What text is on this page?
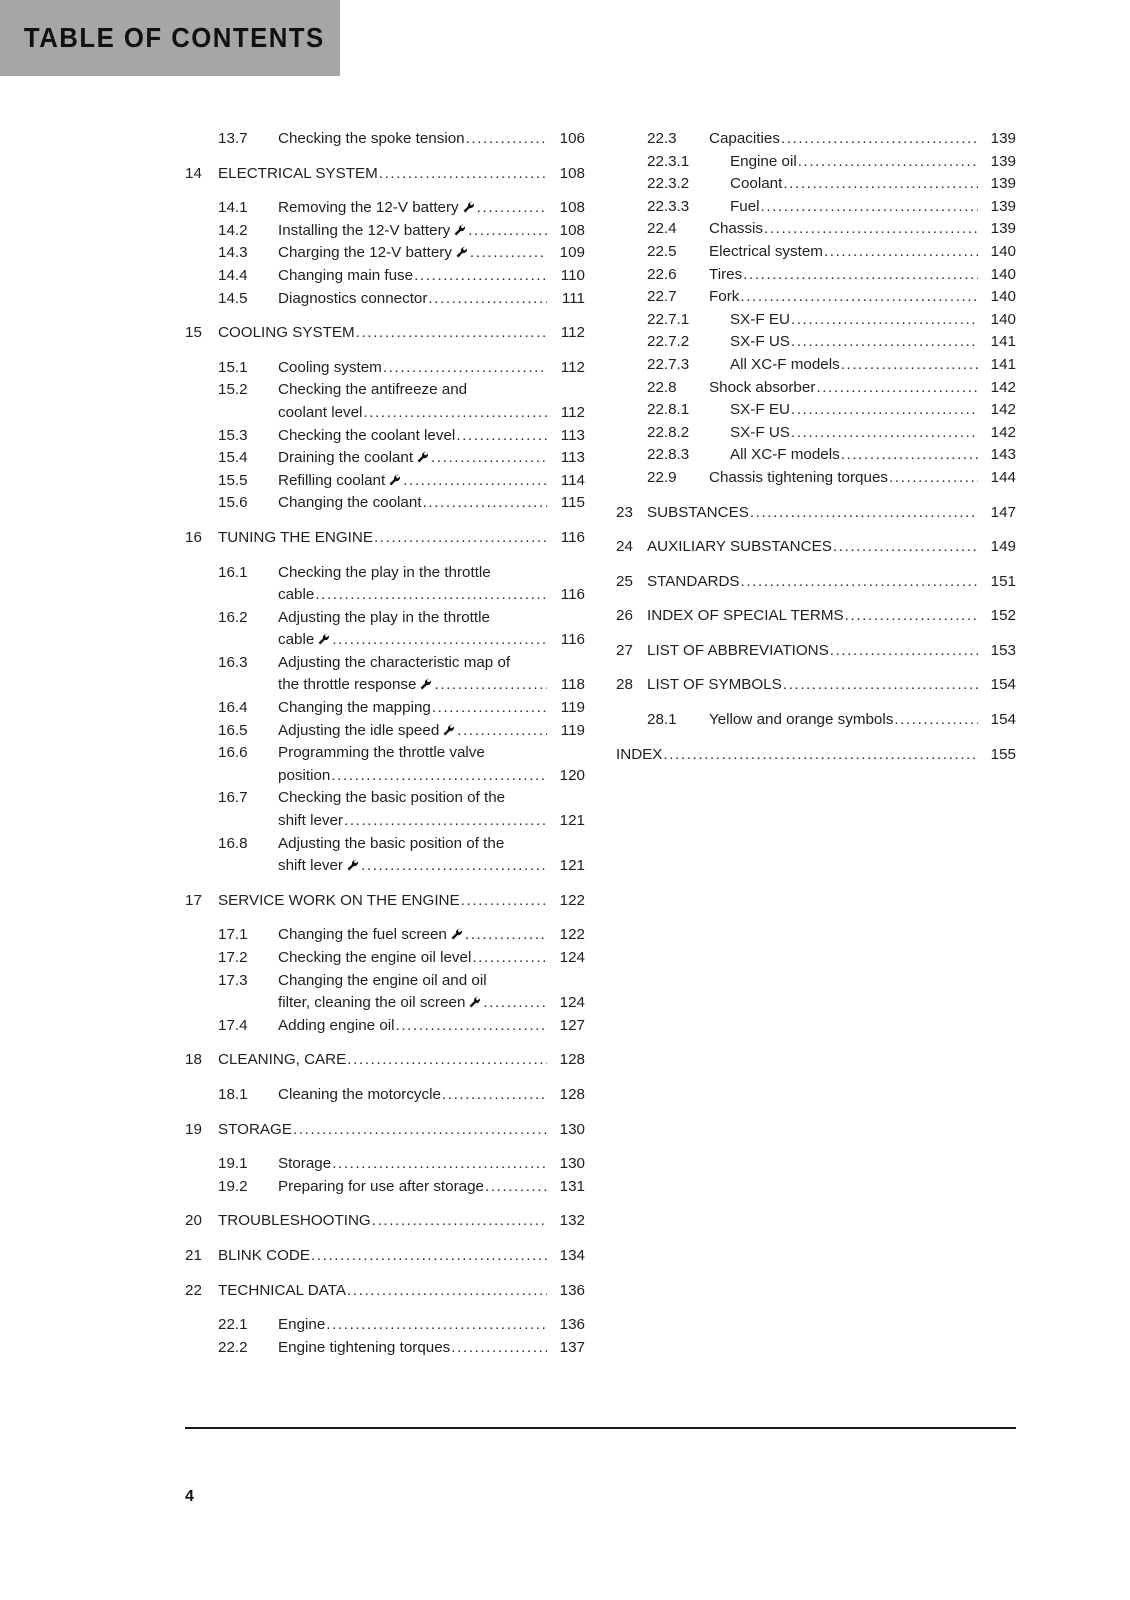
TABLE OF CONTENTS
13.7	Checking the spoke tension .....	106
14	ELECTRICAL SYSTEM .....	108
14.1	Removing the 12-V battery .....	108
14.2	Installing the 12-V battery .....	108
14.3	Charging the 12-V battery .....	109
14.4	Changing main fuse .....	110
14.5	Diagnostics connector .....	111
15	COOLING SYSTEM .....	112
15.1	Cooling system .....	112
15.2	Checking the antifreeze and
coolant level .....	112
15.3	Checking the coolant level .....	113
15.4	Draining the coolant .....	113
15.5	Refilling coolant .....	114
15.6	Changing the coolant .....	115
16	TUNING THE ENGINE .....	116
16.1	Checking the play in the throttle
cable .....	116
16.2	Adjusting the play in the throttle
cable .....	116
16.3	Adjusting the characteristic map of
the throttle response .....	118
16.4	Changing the mapping .....	119
16.5	Adjusting the idle speed .....	119
16.6	Programming the throttle valve
position .....	120
16.7	Checking the basic position of the
shift lever .....	121
16.8	Adjusting the basic position of the
shift lever .....	121
17	SERVICE WORK ON THE ENGINE .....	122
17.1	Changing the fuel screen .....	122
17.2	Checking the engine oil level .....	124
17.3	Changing the engine oil and oil
filter, cleaning the oil screen .....	124
17.4	Adding engine oil .....	127
18	CLEANING, CARE .....	128
18.1	Cleaning the motorcycle .....	128
19	STORAGE .....	130
19.1	Storage .....	130
19.2	Preparing for use after storage .....	131
20	TROUBLESHOOTING .....	132
21	BLINK CODE .....	134
22	TECHNICAL DATA .....	136
22.1	Engine .....	136
22.2	Engine tightening torques .....	137
22.3	Capacities .....	139
22.3.1	Engine oil .....	139
22.3.2	Coolant .....	139
22.3.3	Fuel .....	139
22.4	Chassis .....	139
22.5	Electrical system .....	140
22.6	Tires .....	140
22.7	Fork .....	140
22.7.1	SX-F EU .....	140
22.7.2	SX-F US .....	141
22.7.3	All XC-F models .....	141
22.8	Shock absorber .....	142
22.8.1	SX-F EU .....	142
22.8.2	SX-F US .....	142
22.8.3	All XC-F models .....	143
22.9	Chassis tightening torques .....	144
23 SUBSTANCES .....	147
24 AUXILIARY SUBSTANCES .....	149
25 STANDARDS .....	151
26 INDEX OF SPECIAL TERMS .....	152
27 LIST OF ABBREVIATIONS .....	153
28 LIST OF SYMBOLS .....	154
28.1	Yellow and orange symbols .....	154
INDEX .....	155
4
